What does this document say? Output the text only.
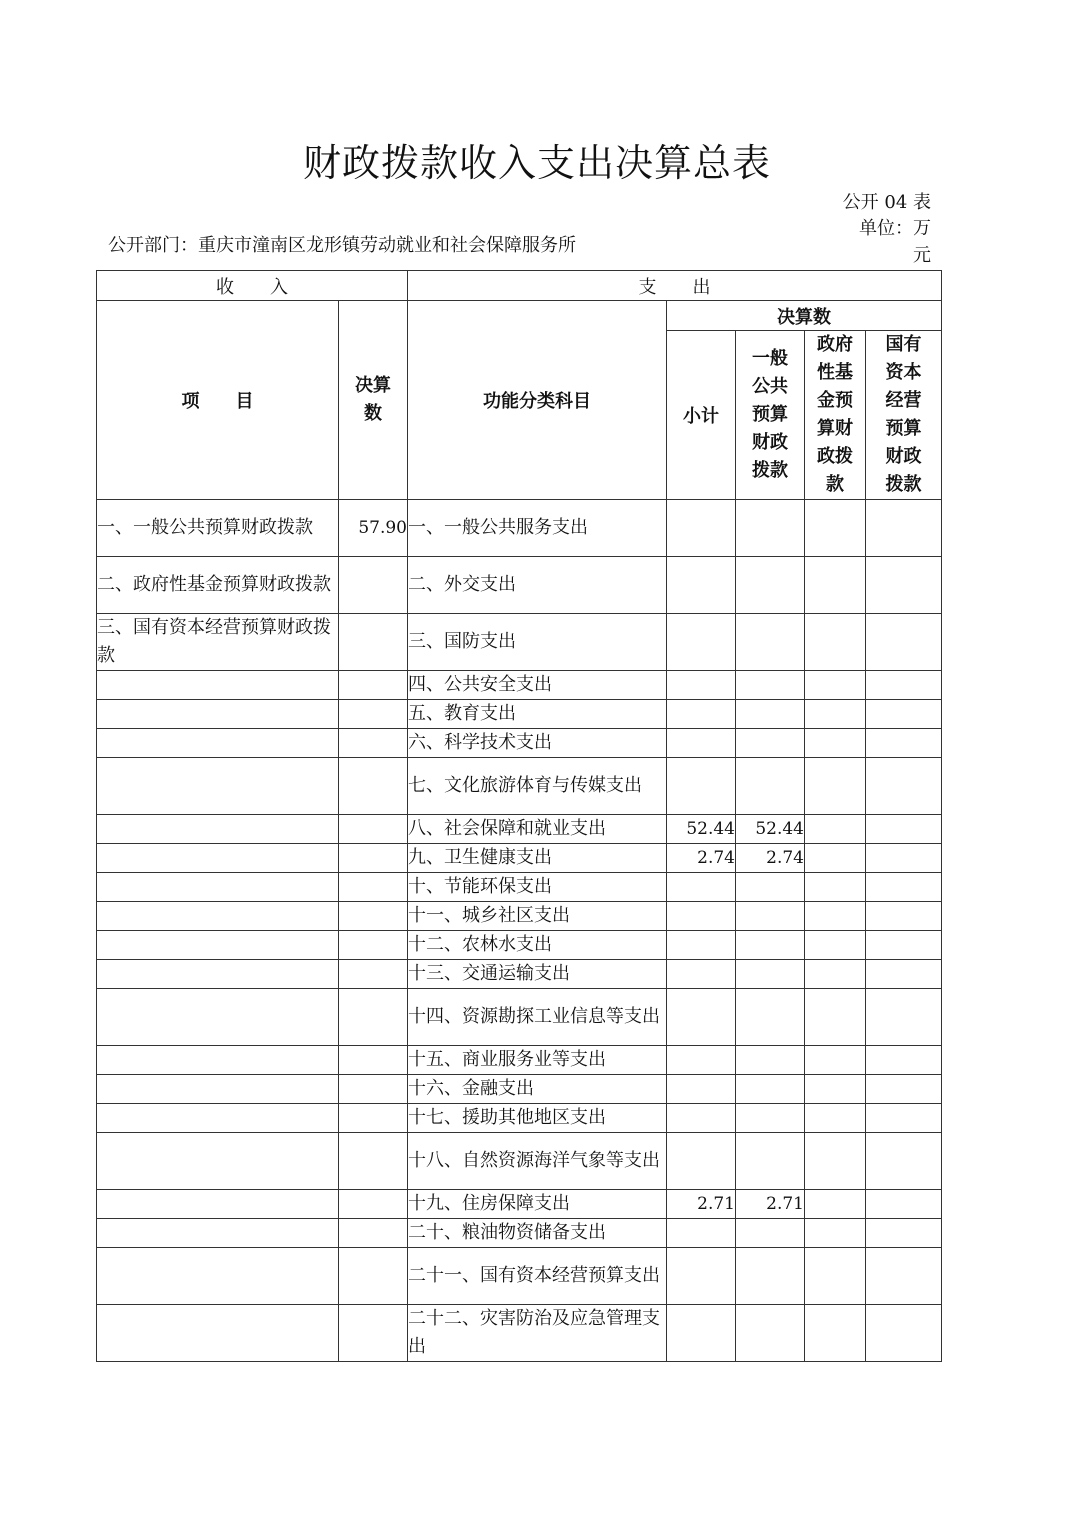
财政拨款收入支出决算总表
公开 04 表
单位：万元
公开部门：重庆市潼南区龙形镇劳动就业和社会保障服务所
收　　入		支　　出				
项　　目	决算数	功能分类科目	决算数			
			小计	一般公共预算财政拨款	政府性基金预算财政拨款	国有资本经营预算财政拨款
一、一般公共预算财政拨款	57.90	一、一般公共服务支出				
二、政府性基金预算财政拨款		二、外交支出				
三、国有资本经营预算财政拨款		三、国防支出				
		四、公共安全支出				
		五、教育支出				
		六、科学技术支出				
		七、文化旅游体育与传媒支出				
		八、社会保障和就业支出	52.44	52.44		
		九、卫生健康支出	2.74	2.74		
		十、节能环保支出				
		十一、城乡社区支出				
		十二、农林水支出				
		十三、交通运输支出				
		十四、资源勘探工业信息等支出				
		十五、商业服务业等支出				
		十六、金融支出				
		十七、援助其他地区支出				
		十八、自然资源海洋气象等支出				
		十九、住房保障支出	2.71	2.71		
		二十、粮油物资储备支出				
		二十一、国有资本经营预算支出				
		二十二、灾害防治及应急管理支出				
